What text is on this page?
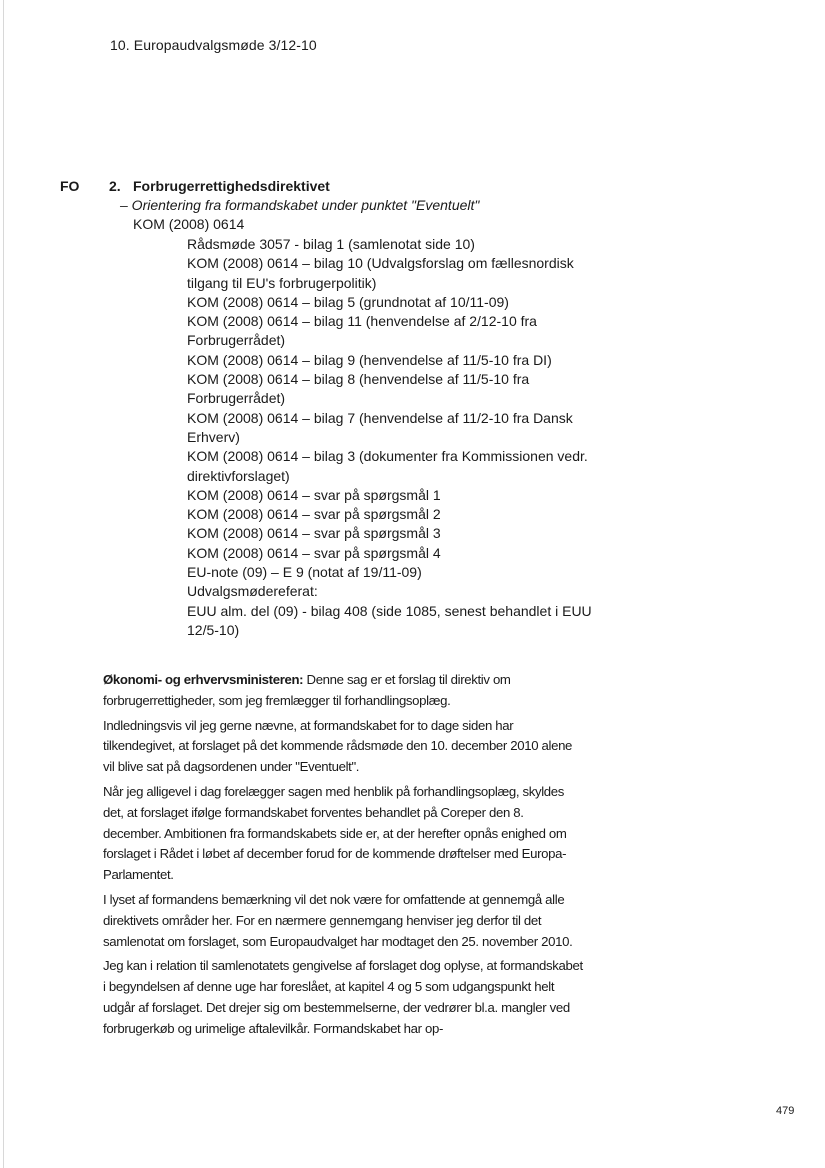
10. Europaudvalgsmøde 3/12-10
FO 2. Forbrugerrettighedsdirektivet
– Orientering fra formandskabet under punktet "Eventuelt"
KOM (2008) 0614
Rådsmøde 3057 - bilag 1 (samlenotat side 10)
KOM (2008) 0614 – bilag 10 (Udvalgsforslag om fællesnordisk tilgang til EU's forbrugerpolitik)
KOM (2008) 0614 – bilag 5 (grundnotat af 10/11-09)
KOM (2008) 0614 – bilag 11 (henvendelse af 2/12-10 fra Forbrugerrådet)
KOM (2008) 0614 – bilag 9 (henvendelse af 11/5-10 fra DI)
KOM (2008) 0614 – bilag 8 (henvendelse af 11/5-10 fra Forbrugerrådet)
KOM (2008) 0614 – bilag 7 (henvendelse af 11/2-10 fra Dansk Erhverv)
KOM (2008) 0614 – bilag 3 (dokumenter fra Kommissionen vedr. direktivforslaget)
KOM (2008) 0614 – svar på spørgsmål 1
KOM (2008) 0614 – svar på spørgsmål 2
KOM (2008) 0614 – svar på spørgsmål 3
KOM (2008) 0614 – svar på spørgsmål 4
EU-note (09) – E 9 (notat af 19/11-09)
Udvalgsmødereferat:
EUU alm. del (09) - bilag 408 (side 1085, senest behandlet i EUU 12/5-10)

Økonomi- og erhvervsministeren: Denne sag er et forslag til direktiv om forbrugerrettigheder, som jeg fremlægger til forhandlingsoplæg.

Indledningsvis vil jeg gerne nævne, at formandskabet for to dage siden har tilkendegivet, at forslaget på det kommende rådsmøde den 10. december 2010 alene vil blive sat på dagsordenen under "Eventuelt".

Når jeg alligevel i dag forelægger sagen med henblik på forhandlingsoplæg, skyldes det, at forslaget ifølge formandskabet forventes behandlet på Coreper den 8. december. Ambitionen fra formandskabets side er, at der herefter opnås enighed om forslaget i Rådet i løbet af december forud for de kommende drøftelser med Europa-Parlamentet.

I lyset af formandens bemærkning vil det nok være for omfattende at gennemgå alle direktivets områder her. For en nærmere gennemgang henviser jeg derfor til det samlenotat om forslaget, som Europaudvalget har modtaget den 25. november 2010.

Jeg kan i relation til samlenotatets gengivelse af forslaget dog oplyse, at formandskabet i begyndelsen af denne uge har foreslået, at kapitel 4 og 5 som udgangspunkt helt udgår af forslaget. Det drejer sig om bestemmelserne, der vedrører bl.a. mangler ved forbrugerkøb og urimelige aftalevilkår. Formandskabet har op-

479
